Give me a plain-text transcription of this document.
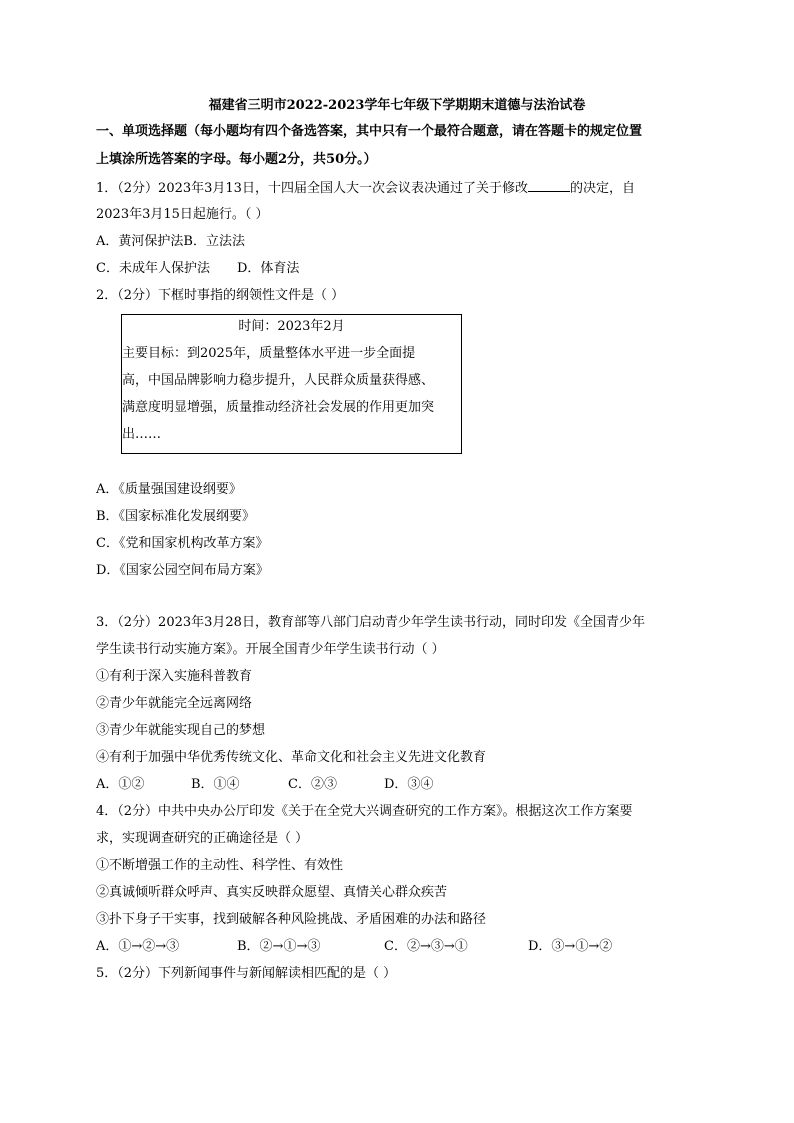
福建省三明市2022-2023学年七年级下学期期末道德与法治试卷
一、单项选择题（每小题均有四个备选答案，其中只有一个最符合题意，请在答题卡的规定位置
上填涂所选答案的字母。每小题2分，共50分。）
1．（2分）2023年3月13日，十四届全国人大一次会议表决通过了关于修改	的决定，自
2023年3月15日起施行。（ ）
A．黄河保护法B．立法法
C．未成年人保护法 D．体育法
2．（2分）下框时事指的纲领性文件是（ ）
时间：2023年2月
主要目标：到2025年，质量整体水平进一步全面提
高，中国品牌影响力稳步提升，人民群众质量获得感、
满意度明显增强，质量推动经济社会发展的作用更加突
出……
A．《质量强国建设纲要》
B．《国家标准化发展纲要》
C．《党和国家机构改革方案》
D．《国家公园空间布局方案》
3．（2分）2023年3月28日，教育部等八部门启动青少年学生读书行动，同时印发《全国青少年
学生读书行动实施方案》。开展全国青少年学生读书行动（ ）
①有利于深入实施科普教育
②青少年就能完全远离网络
③青少年就能实现自己的梦想
④有利于加强中华优秀传统文化、革命文化和社会主义先进文化教育
A．①②	B．①④	C．②③	D．③④
4．（2分）中共中央办公厅印发《关于在全党大兴调查研究的工作方案》。根据这次工作方案要
求，实现调查研究的正确途径是（ ）
①不断增强工作的主动性、科学性、有效性
②真诚倾听群众呼声、真实反映群众愿望、真情关心群众疾苦
③扑下身子干实事，找到破解各种风险挑战、矛盾困难的办法和路径
A．①→②→③	B．②→①→③	C．②→③→①	D．③→①→②
5．（2分）下列新闻事件与新闻解读相匹配的是（ ）
